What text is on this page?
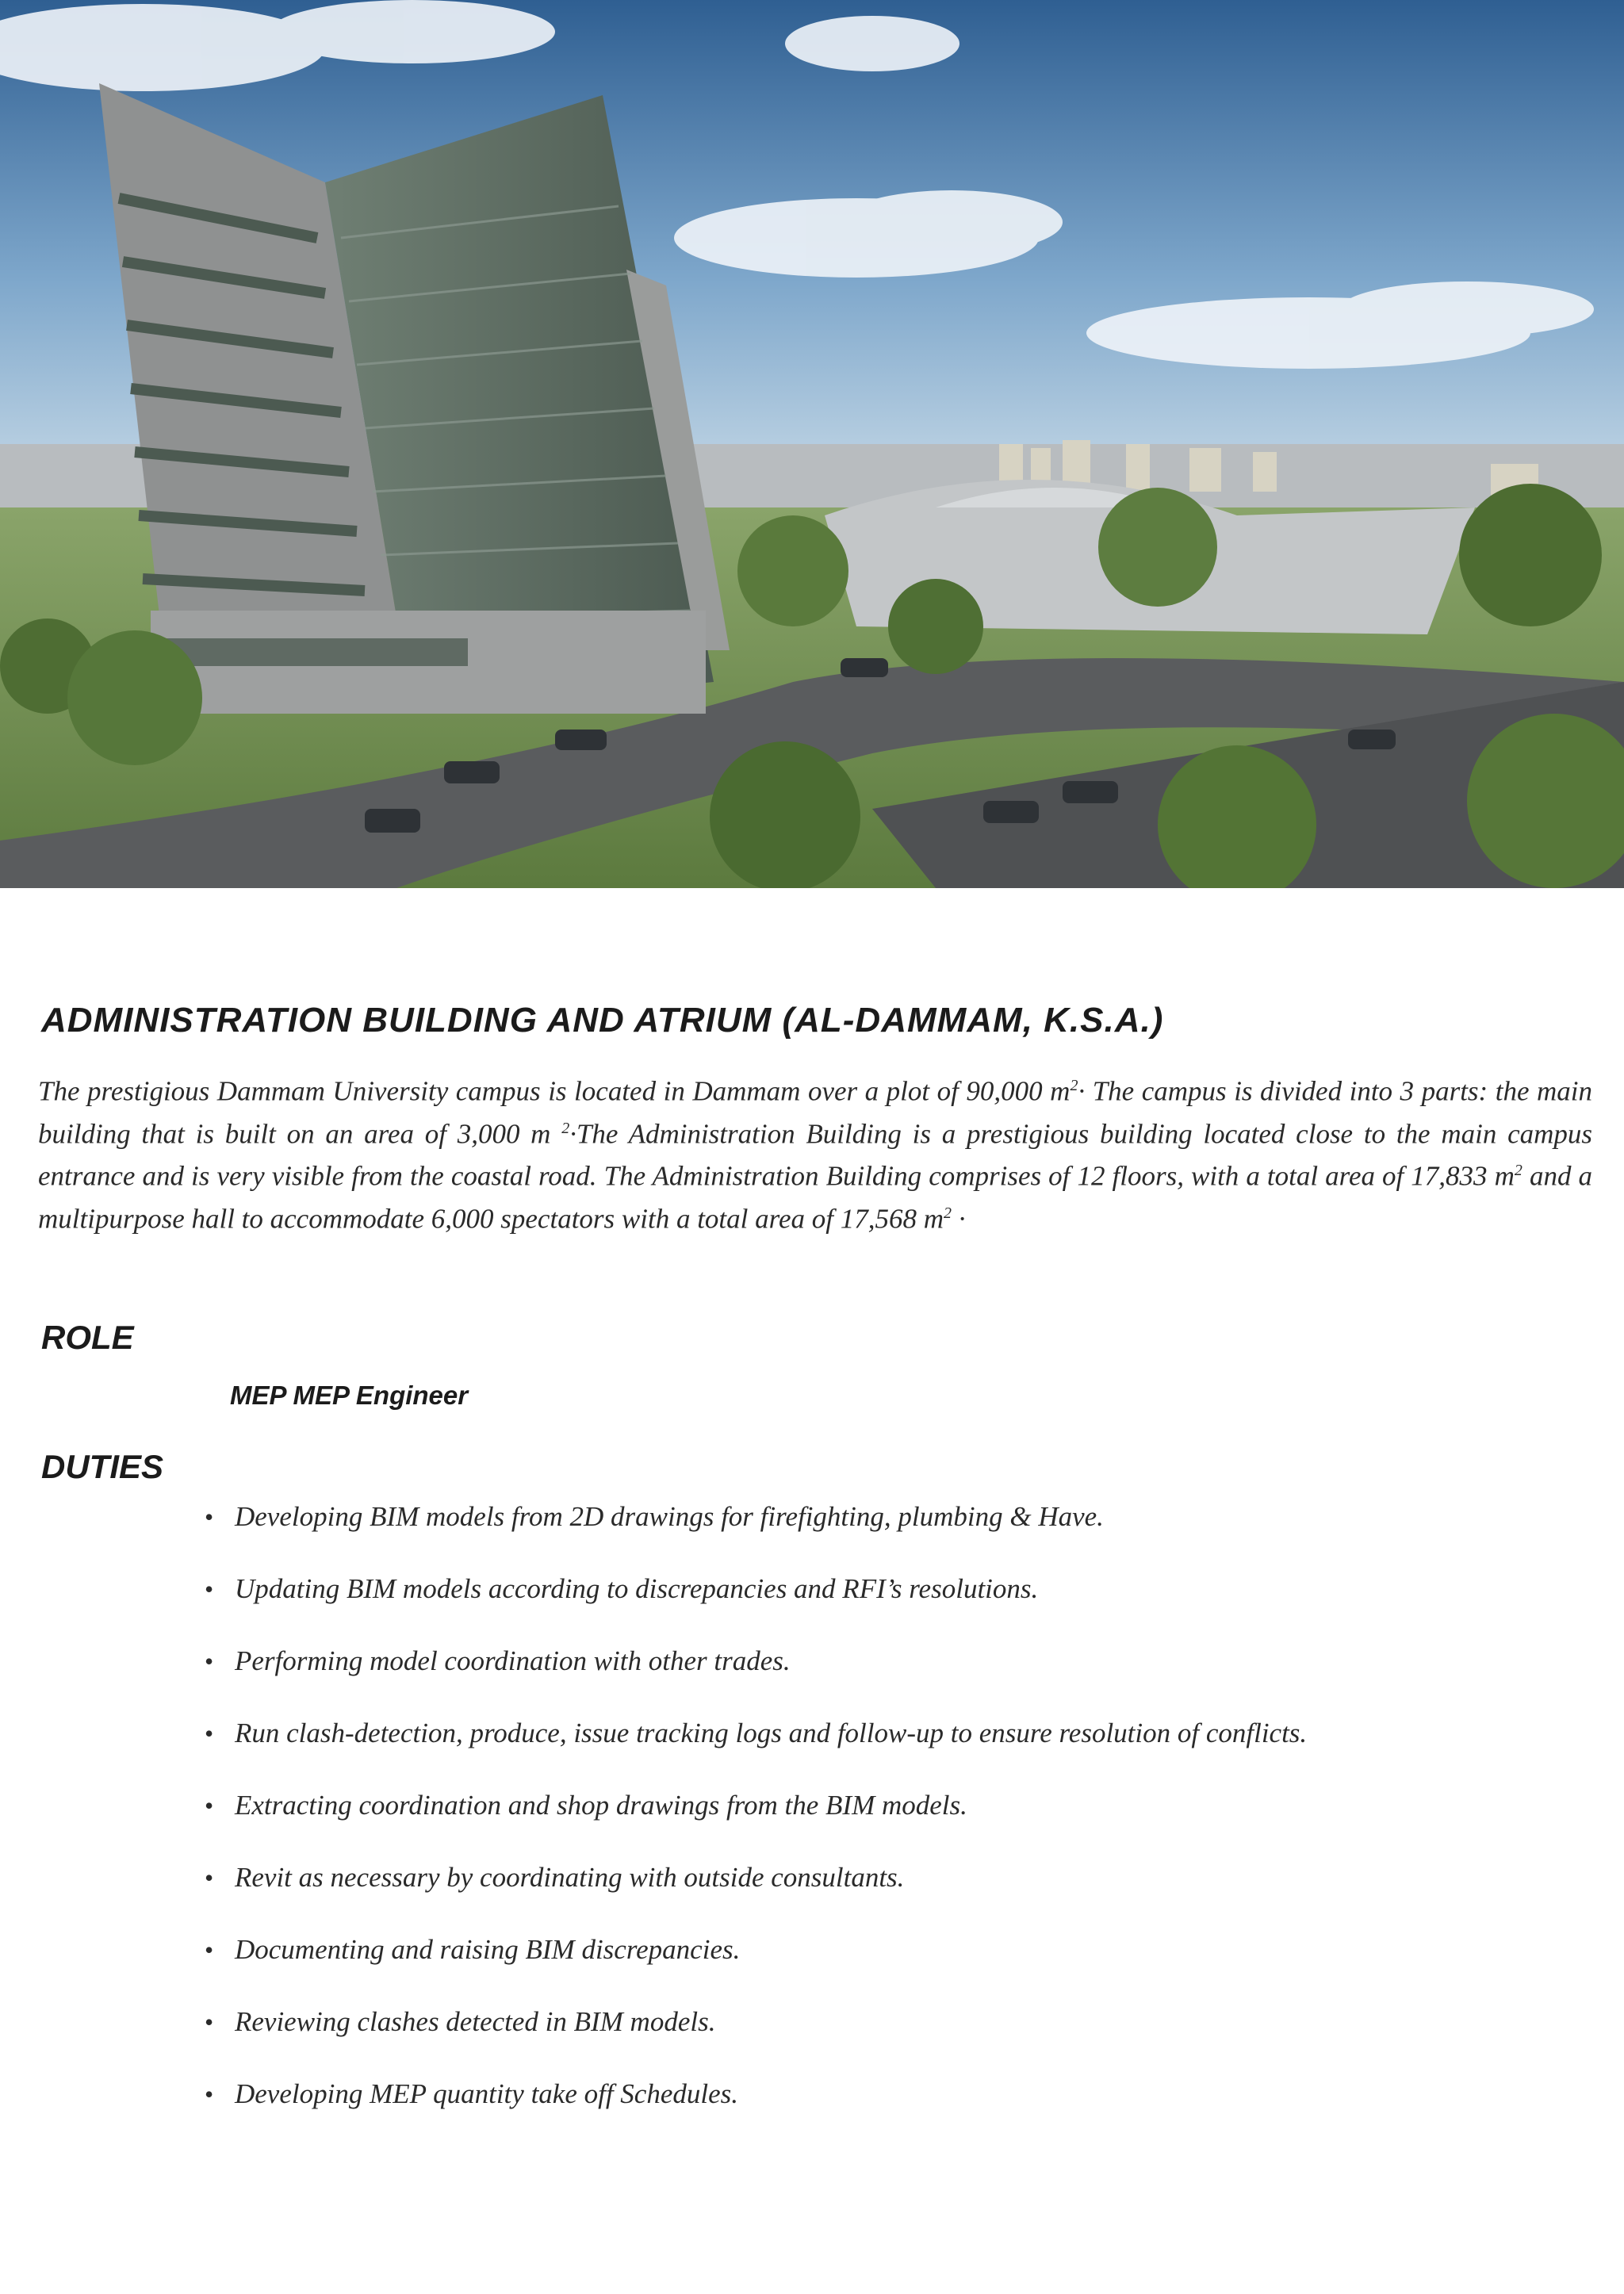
ADMINISTRATION BUILDING AND ATRIUM (AL-DAMMAM, K.S.A.)

The prestigious Dammam University campus is located in Dammam over a plot of 90,000 $m^2\cdot$ The campus is divided into 3 parts: the main building that is built on an area of 3,000 m $^2$·The Administration Building is a prestigious building located close to the main campus entrance and is very visible from the coastal road. The Administration Building comprises of 12 floors, with a total area of 17,833 $m^2$ and a multipurpose hall to accommodate 6,000 spectators with a total area of 17,568 $m^2$ ·

ROLE
MEP MEP Engineer
DUTIES
• Developing BIM models from 2D drawings for firefighting, plumbing & Have.
• Updating BIM models according to discrepancies and RFI’s resolutions.
• Performing model coordination with other trades.
• Run clash-detection, produce, issue tracking logs and follow-up to ensure resolution of conflicts.
• Extracting coordination and shop drawings from the BIM models.
• Revit as necessary by coordinating with outside consultants.
• Documenting and raising BIM discrepancies.
• Reviewing clashes detected in BIM models.
• Developing MEP quantity take off Schedules.
